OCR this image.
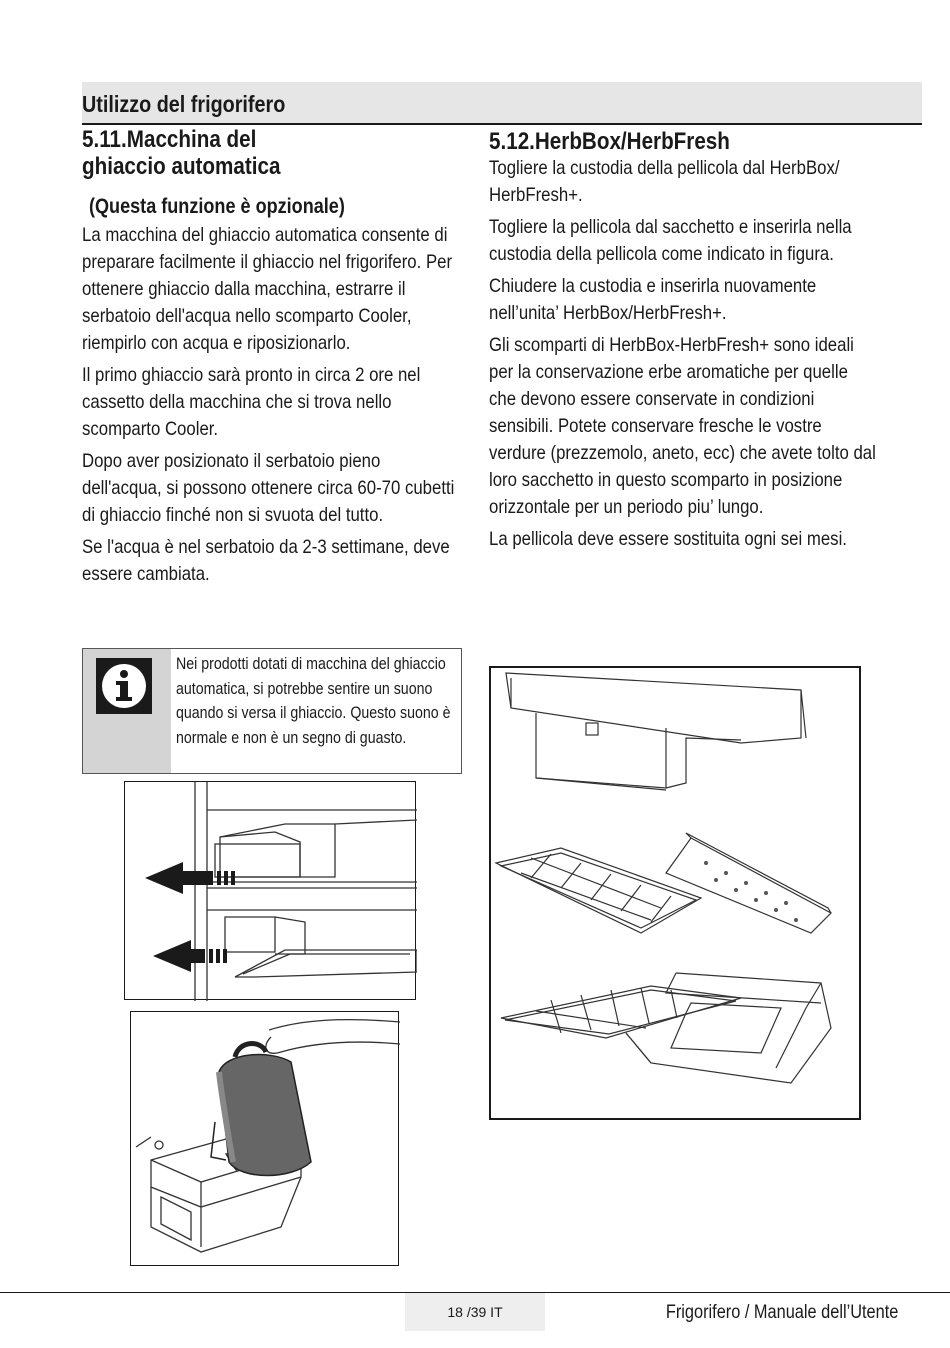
Utilizzo del frigorifero
5.11.Macchina del
ghiaccio automatica
(Questa funzione è opzionale)
La macchina del ghiaccio automatica consente di preparare facilmente il ghiaccio nel frigorifero. Per ottenere ghiaccio dalla macchina, estrarre il serbatoio dell'acqua nello scomparto Cooler, riempirlo con acqua e riposizionarlo.
Il primo ghiaccio sarà pronto in circa 2 ore nel cassetto della macchina che si trova nello scomparto Cooler.
Dopo aver posizionato il serbatoio pieno dell'acqua, si possono ottenere circa 60-70 cubetti di ghiaccio finché non si svuota del tutto.
Se l'acqua è nel serbatoio da 2-3 settimane, deve essere cambiata.
Nei prodotti dotati di macchina del ghiaccio automatica, si potrebbe sentire un suono quando si versa il ghiaccio. Questo suono è normale e non è un segno di guasto.
5.12.HerbBox/HerbFresh
Togliere la custodia della pellicola dal HerbBox/ HerbFresh+.
Togliere la pellicola dal sacchetto e inserirla nella custodia della pellicola come indicato in figura.
Chiudere la custodia e inserirla nuovamente nell’unita’ HerbBox/HerbFresh+.
Gli scomparti di HerbBox-HerbFresh+ sono ideali per la conservazione erbe aromatiche per quelle che devono essere conservate in condizioni sensibili. Potete conservare fresche le vostre verdure (prezzemolo, aneto, ecc) che avete tolto dal loro sacchetto in questo scomparto in posizione orizzontale per un periodo piu’ lungo.
La pellicola deve essere sostituita ogni sei mesi.
18 /39 IT	Frigorifero / Manuale dell’Utente
